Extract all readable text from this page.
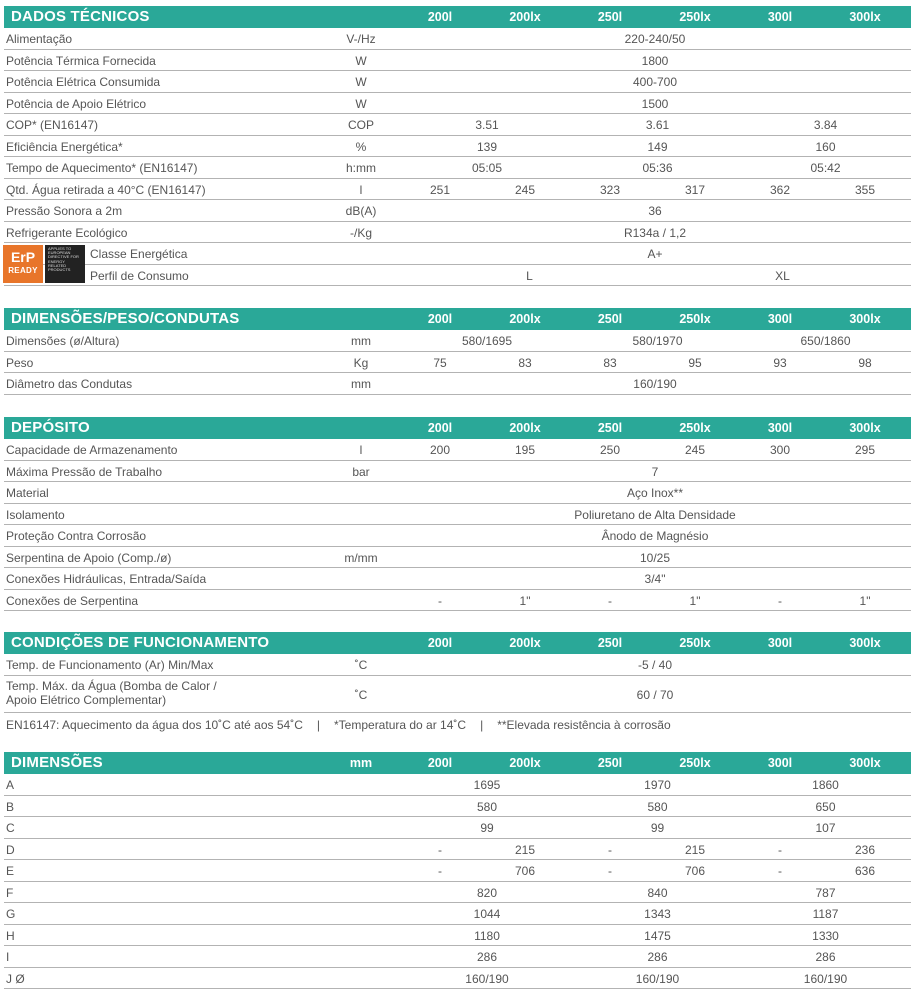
DADOS TÉCNICOS	200l	200lx	250l	250lx	300l	300lx
Alimentação	V-/Hz	220-240/50
Potência Térmica Fornecida	W	1800
Potência Elétrica Consumida	W	400-700
Potência de Apoio Elétrico	W	1500
COP* (EN16147)	COP	3.51	3.61	3.84
Eficiência Energética*	%	139	149	160
Tempo de Aquecimento* (EN16147)	h:mm	05:05	05:36	05:42
Qtd. Água retirada a 40°C (EN16147)	l	251	245	323	317	362	355
Pressão Sonora a 2m	dB(A)	36
Refrigerante Ecológico	-/Kg	R134a / 1,2
Classe Energética	A+
Perfil de Consumo	L	XL
DIMENSÕES/PESO/CONDUTAS	200l	200lx	250l	250lx	300l	300lx
Dimensões (ø/Altura)	mm	580/1695	580/1970	650/1860
Peso	Kg	75	83	83	95	93	98
Diâmetro das Condutas	mm	160/190
DEPÓSITO	200l	200lx	250l	250lx	300l	300lx
Capacidade de Armazenamento	l	200	195	250	245	300	295
Máxima Pressão de Trabalho	bar	7
Material	Aço Inox**
Isolamento	Poliuretano de Alta Densidade
Proteção Contra Corrosão	Ânodo de Magnésio
Serpentina de Apoio (Comp./ø)	m/mm	10/25
Conexões Hidráulicas, Entrada/Saída	3/4"
Conexões de Serpentina	-	1"	-	1"	-	1"
CONDIÇÕES DE FUNCIONAMENTO	200l	200lx	250l	250lx	300l	300lx
Temp. de Funcionamento (Ar) Min/Max	˚C	-5 / 40
Temp. Máx. da Água (Bomba de Calor /
Apoio Elétrico Complementar)	˚C	60 / 70
DIMENSÕES	mm	200l	200lx	250l	250lx	300l	300lx
A	1695	1970	1860
B	580	580	650
C	99	99	107
D	-	215	-	215	-	236
E	-	706	-	706	-	636
F	820	840	787
G	1044	1343	1187
H	1180	1475	1330
I	286	286	286
J Ø	160/190	160/190	160/190
ErP
READY
APPLIES TO EUROPEAN DIRECTIVE FOR ENERGY RELATED PRODUCTS
EN16147: Aquecimento da água dos 10˚C até aos 54˚C | *Temperatura do ar 14˚C | **Elevada resistência à corrosão
